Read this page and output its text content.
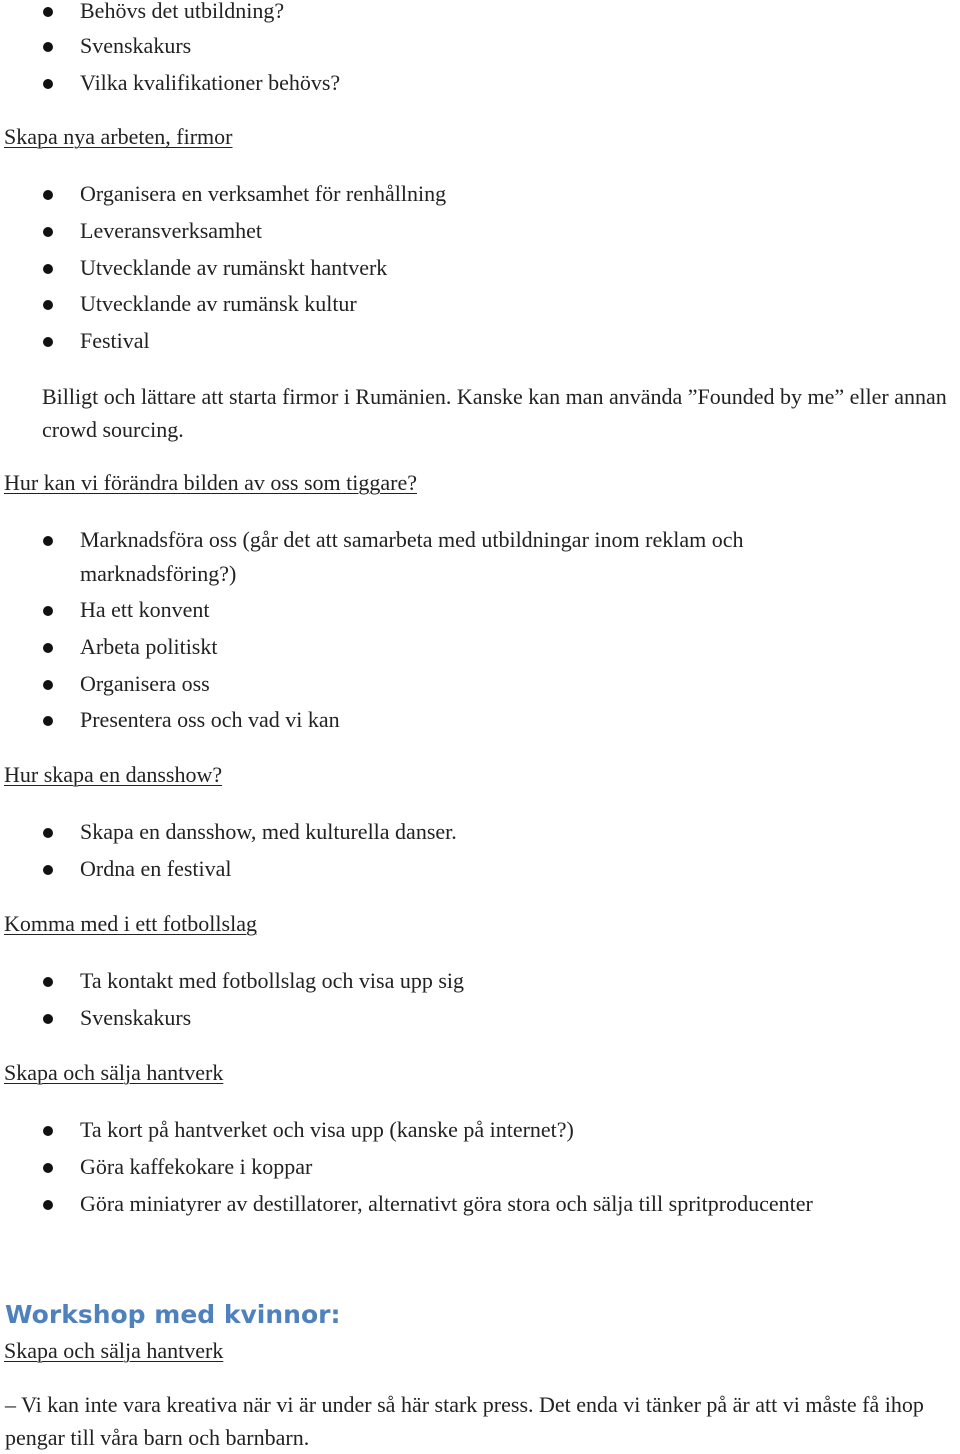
Behövs det utbildning?
Svenskakurs
Vilka kvalifikationer behövs?
Skapa nya arbeten, firmor
Organisera en verksamhet för renhållning
Leveransverksamhet
Utvecklande av rumänskt hantverk
Utvecklande av rumänsk kultur
Festival
Billigt och lättare att starta firmor i Rumänien. Kanske kan man använda ”Founded by me” eller annan crowd sourcing.
Hur kan vi förändra bilden av oss som tiggare?
Marknadsföra oss (går det att samarbeta med utbildningar inom reklam och
marknadsföring?)
Ha ett konvent
Arbeta politiskt
Organisera oss
Presentera oss och vad vi kan
Hur skapa en dansshow?
Skapa en dansshow, med kulturella danser.
Ordna en festival
Komma med i ett fotbollslag
Ta kontakt med fotbollslag och visa upp sig
Svenskakurs
Skapa och sälja hantverk
Ta kort på hantverket och visa upp (kanske på internet?)
Göra kaffekokare i koppar
Göra miniatyrer av destillatorer, alternativt göra stora och sälja till spritproducenter
Workshop med kvinnor:
Skapa och sälja hantverk
– Vi kan inte vara kreativa när vi är under så här stark press. Det enda vi tänker på är att vi måste få ihop pengar till våra barn och barnbarn.
